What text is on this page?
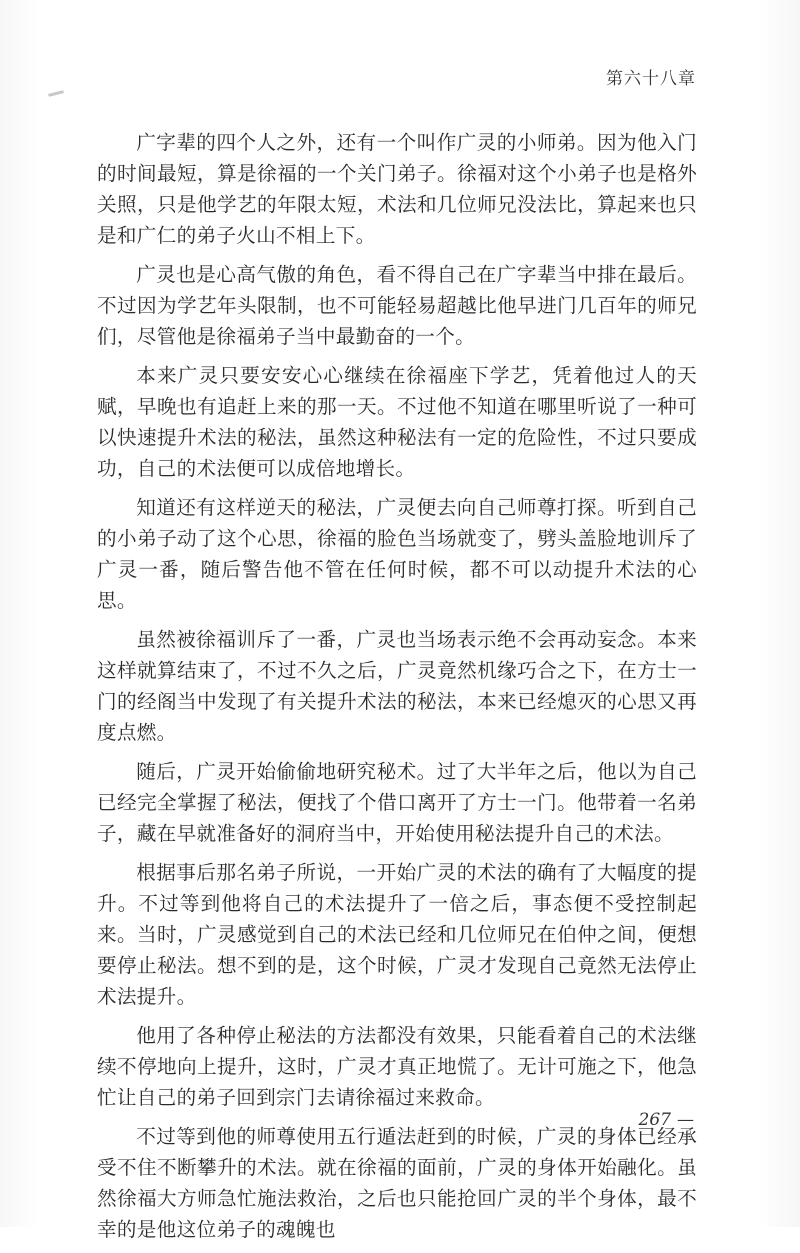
第六十八章

广字辈的四个人之外，还有一个叫作广灵的小师弟。因为他入门的时间最短，算是徐福的一个关门弟子。徐福对这个小弟子也是格外关照，只是他学艺的年限太短，术法和几位师兄没法比，算起来也只是和广仁的弟子火山不相上下。

广灵也是心高气傲的角色，看不得自己在广字辈当中排在最后。不过因为学艺年头限制，也不可能轻易超越比他早进门几百年的师兄们，尽管他是徐福弟子当中最勤奋的一个。

本来广灵只要安安心心继续在徐福座下学艺，凭着他过人的天赋，早晚也有追赶上来的那一天。不过他不知道在哪里听说了一种可以快速提升术法的秘法，虽然这种秘法有一定的危险性，不过只要成功，自己的术法便可以成倍地增长。

知道还有这样逆天的秘法，广灵便去向自己师尊打探。听到自己的小弟子动了这个心思，徐福的脸色当场就变了，劈头盖脸地训斥了广灵一番，随后警告他不管在任何时候，都不可以动提升术法的心思。

虽然被徐福训斥了一番，广灵也当场表示绝不会再动妄念。本来这样就算结束了，不过不久之后，广灵竟然机缘巧合之下，在方士一门的经阁当中发现了有关提升术法的秘法，本来已经熄灭的心思又再度点燃。

随后，广灵开始偷偷地研究秘术。过了大半年之后，他以为自己已经完全掌握了秘法，便找了个借口离开了方士一门。他带着一名弟子，藏在早就准备好的洞府当中，开始使用秘法提升自己的术法。

根据事后那名弟子所说，一开始广灵的术法的确有了大幅度的提升。不过等到他将自己的术法提升了一倍之后，事态便不受控制起来。当时，广灵感觉到自己的术法已经和几位师兄在伯仲之间，便想要停止秘法。想不到的是，这个时候，广灵才发现自己竟然无法停止术法提升。

他用了各种停止秘法的方法都没有效果，只能看着自己的术法继续不停地向上提升，这时，广灵才真正地慌了。无计可施之下，他急忙让自己的弟子回到宗门去请徐福过来救命。

不过等到他的师尊使用五行遁法赶到的时候，广灵的身体已经承受不住不断攀升的术法。就在徐福的面前，广灵的身体开始融化。虽然徐福大方师急忙施法救治，之后也只能抢回广灵的半个身体，最不幸的是他这位弟子的魂魄也

267 —
